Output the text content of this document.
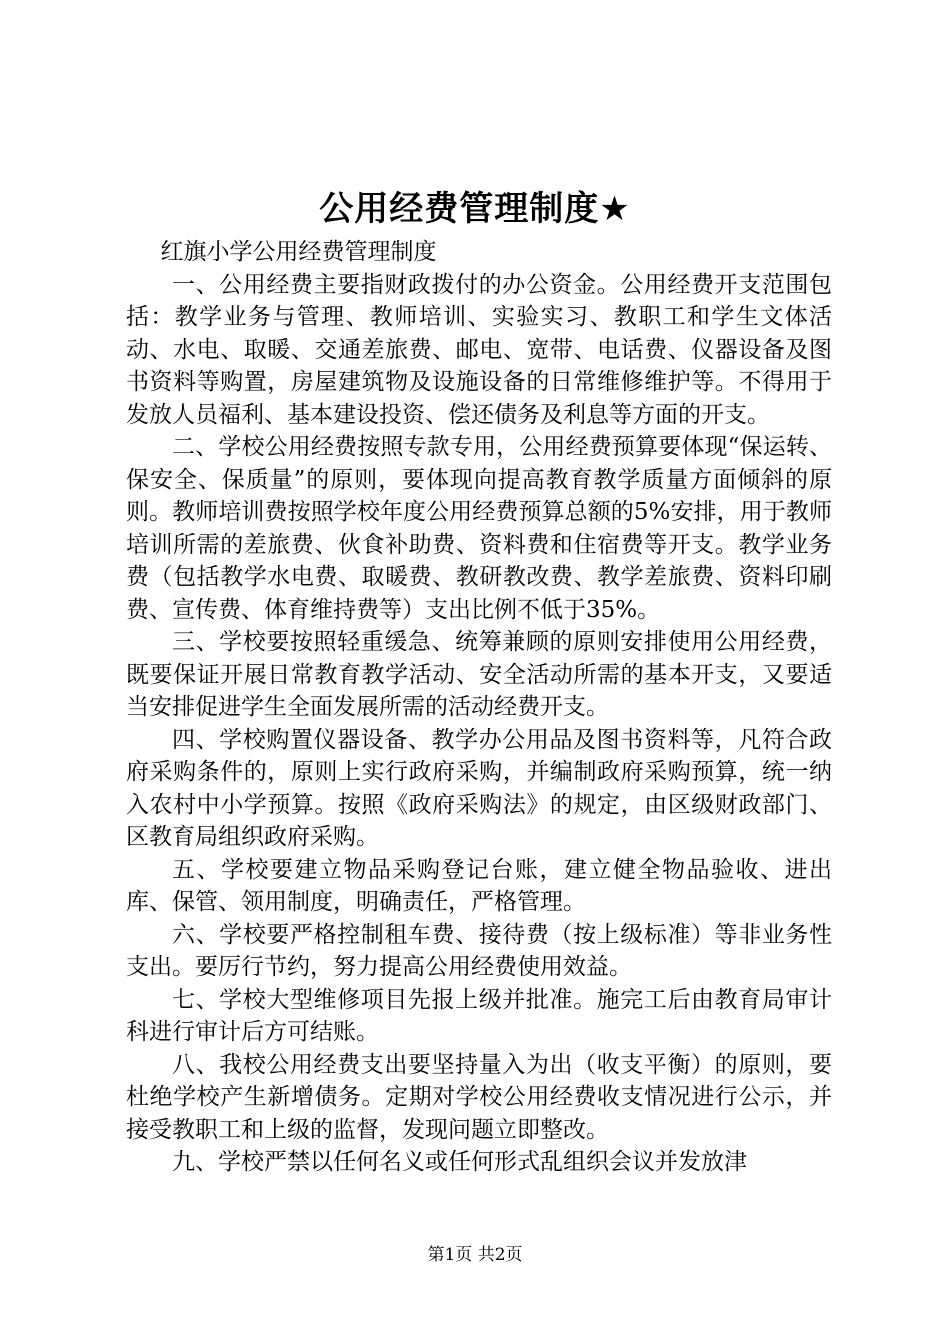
公用经费管理制度★

红旗小学公用经费管理制度

一、公用经费主要指财政拨付的办公资金。公用经费开支范围包括：教学业务与管理、教师培训、实验实习、教职工和学生文体活动、水电、取暖、交通差旅费、邮电、宽带、电话费、仪器设备及图书资料等购置，房屋建筑物及设施设备的日常维修维护等。不得用于发放人员福利、基本建设投资、偿还债务及利息等方面的开支。

二、学校公用经费按照专款专用，公用经费预算要体现“保运转、保安全、保质量”的原则，要体现向提高教育教学质量方面倾斜的原则。教师培训费按照学校年度公用经费预算总额的5%安排，用于教师培训所需的差旅费、伙食补助费、资料费和住宿费等开支。教学业务费（包括教学水电费、取暖费、教研教改费、教学差旅费、资料印刷费、宣传费、体育维持费等）支出比例不低于35%。

三、学校要按照轻重缓急、统筹兼顾的原则安排使用公用经费，既要保证开展日常教育教学活动、安全活动所需的基本开支，又要适当安排促进学生全面发展所需的活动经费开支。

四、学校购置仪器设备、教学办公用品及图书资料等，凡符合政府采购条件的，原则上实行政府采购，并编制政府采购预算，统一纳入农村中小学预算。按照《政府采购法》的规定，由区级财政部门、区教育局组织政府采购。

五、学校要建立物品采购登记台账，建立健全物品验收、进出库、保管、领用制度，明确责任，严格管理。

六、学校要严格控制租车费、接待费（按上级标准）等非业务性支出。要厉行节约，努力提高公用经费使用效益。

七、学校大型维修项目先报上级并批准。施完工后由教育局审计科进行审计后方可结账。

八、我校公用经费支出要坚持量入为出（收支平衡）的原则，要杜绝学校产生新增债务。定期对学校公用经费收支情况进行公示，并接受教职工和上级的监督，发现问题立即整改。

九、学校严禁以任何名义或任何形式乱组织会议并发放津

第1页 共2页
